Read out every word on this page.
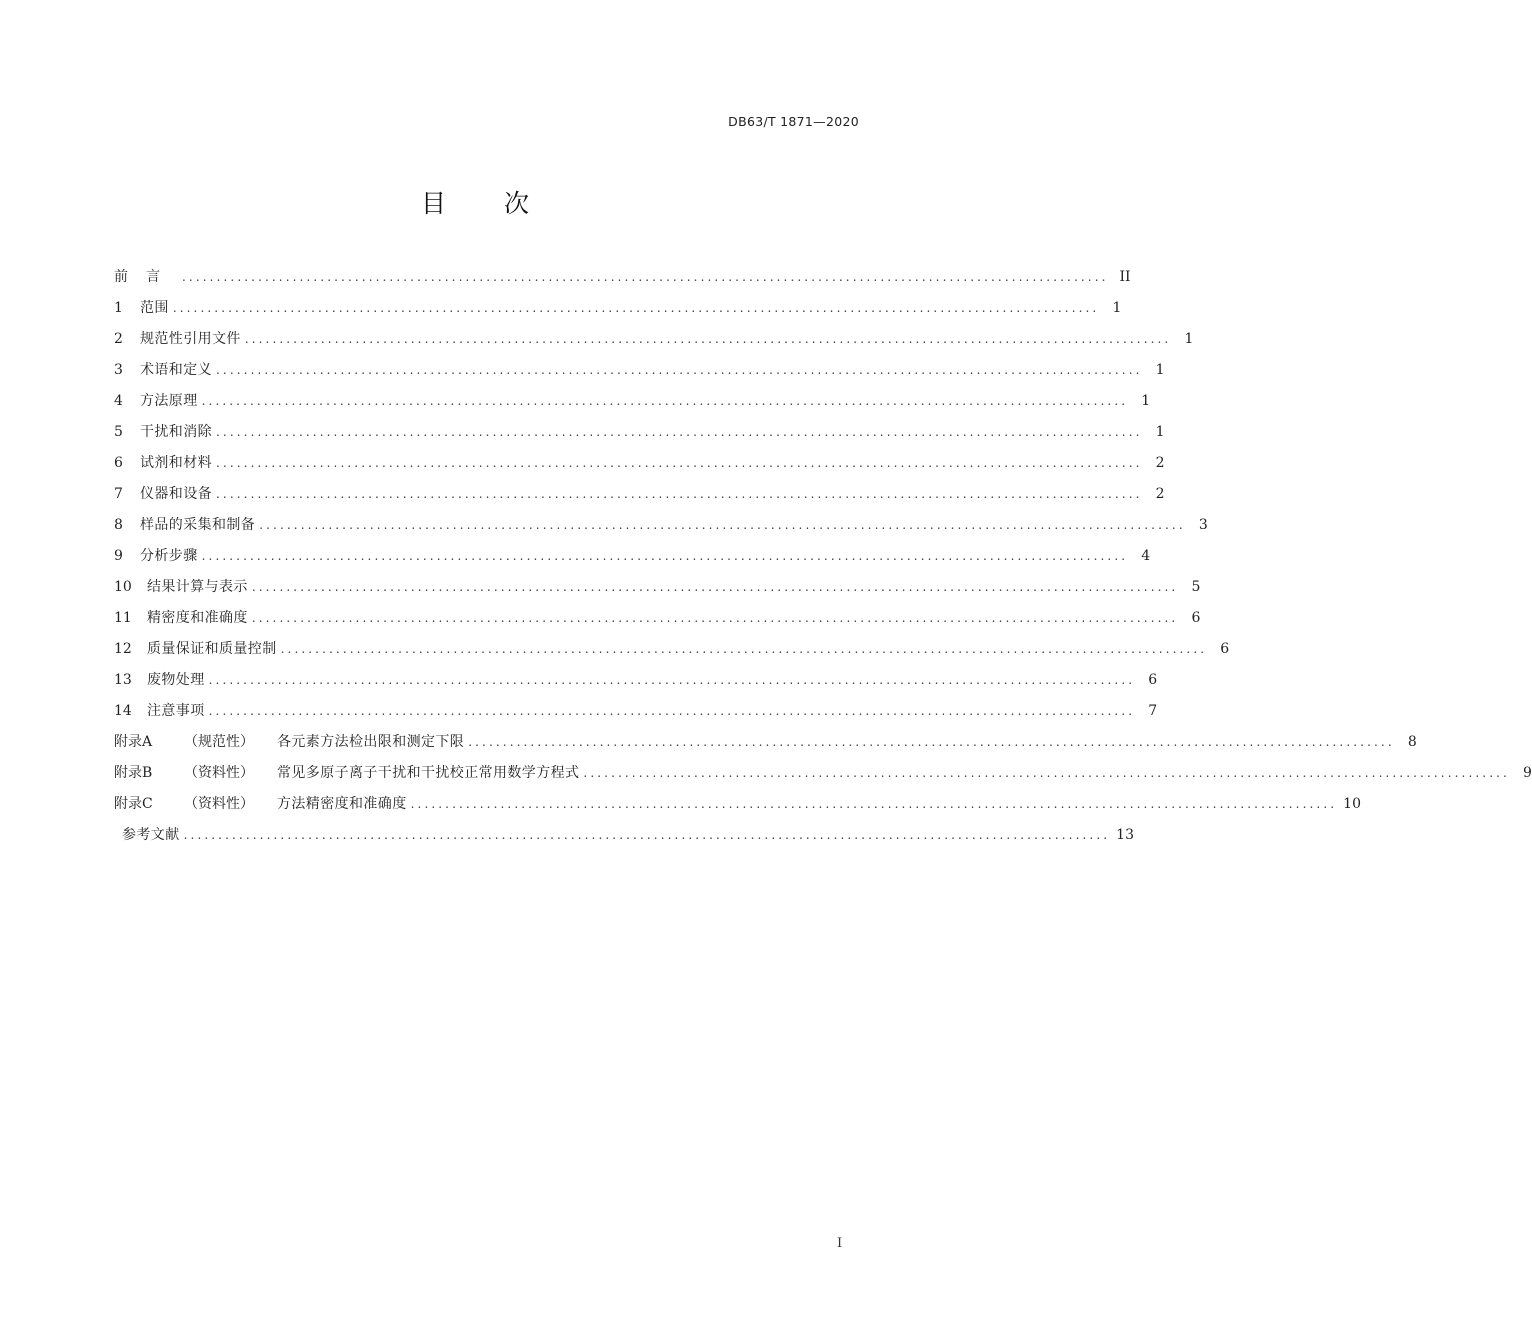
DB63/T 1871—2020
目 次
前言 ...................................................................................................................................... II
1	范围 ...................................................................................................................................... 1
2	规范性引用文件 ...................................................................................................................................... 1
3	术语和定义 ...................................................................................................................................... 1
4	方法原理 ...................................................................................................................................... 1
5	干扰和消除 ...................................................................................................................................... 1
6	试剂和材料 ...................................................................................................................................... 2
7	仪器和设备 ...................................................................................................................................... 2
8	样品的采集和制备 ...................................................................................................................................... 3
9	分析步骤 ...................................................................................................................................... 4
10	结果计算与表示 ...................................................................................................................................... 5
11	精密度和准确度 ...................................................................................................................................... 6
12	质量保证和质量控制 ...................................................................................................................................... 6
13	废物处理 ...................................................................................................................................... 6
14	注意事项 ...................................................................................................................................... 7
附录A	（规范性）	各元素方法检出限和测定下限 ...................................................................................................................................... 8
附录B	（资料性）	常见多原子离子干扰和干扰校正常用数学方程式 ...................................................................................................................................... 9
附录C	（资料性）	方法精密度和准确度 ...................................................................................................................................... 10
参考文献 ...................................................................................................................................... 13
I
